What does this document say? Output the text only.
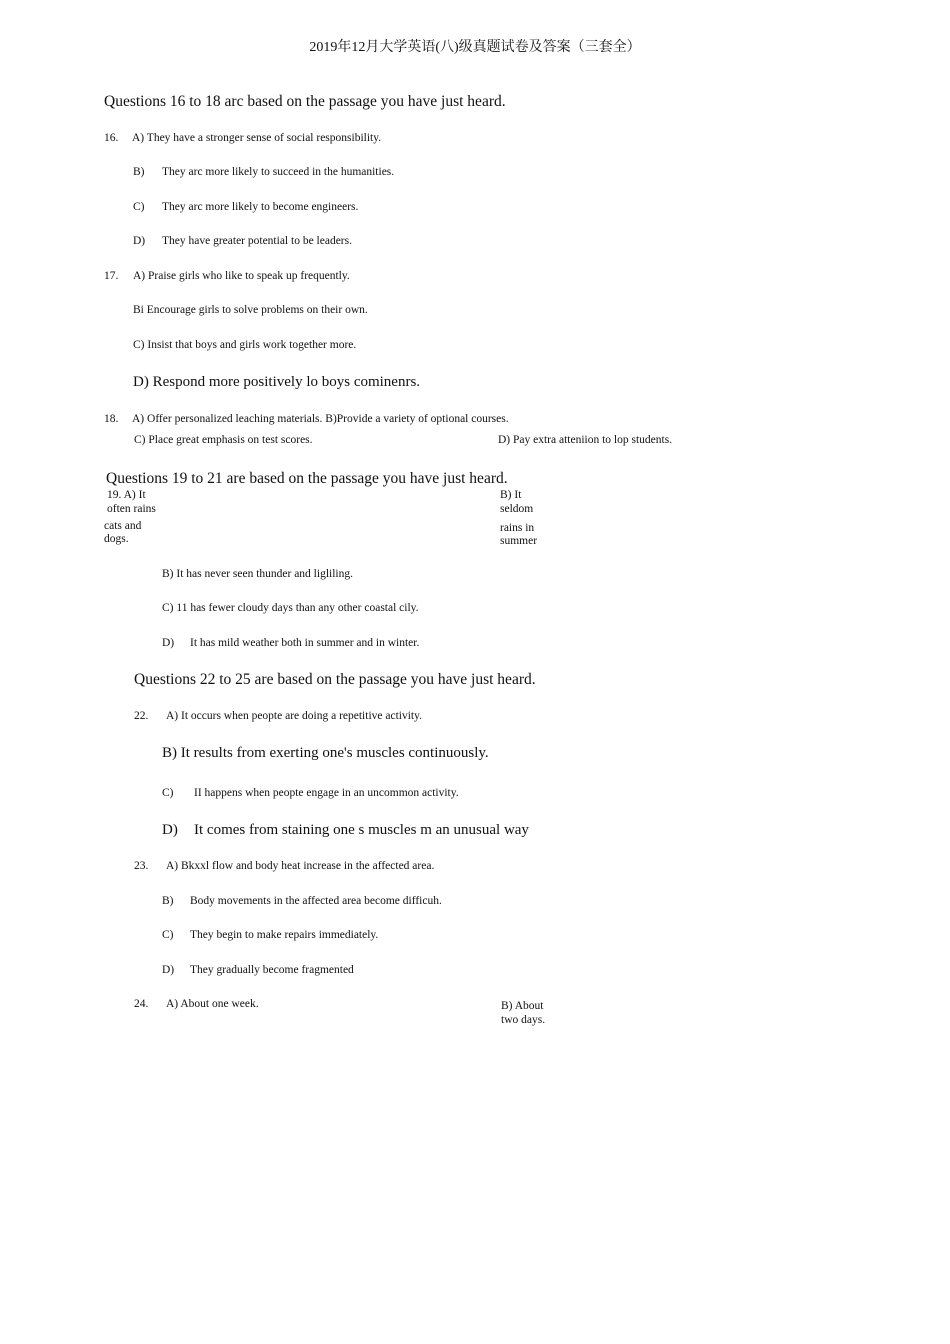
2019年12月大学英语(八)级真题试卷及答案（三套全）
Questions 16 to 18 arc based on the passage you have just heard.
16. A) They have a stronger sense of social responsibility.
B) They arc more likely to succeed in the humanities.
C) They arc more likely to become engineers.
D) They have greater potential to be leaders.
17. A) Praise girls who like to speak up frequently.
Bi Encourage girls to solve problems on their own.
C) Insist that boys and girls work together more.
D) Respond more positively lo boys cominenrs.
18. A) Offer personalized leaching materials. B)Provide a variety of optional courses.
C) Place great emphasis on test scores.	D) Pay extra atteniion to lop students.
Questions 19 to 21 are based on the passage you have just heard.
19. A) It
often rains
cats and
dogs.
B) It
seldom
rains in
summer
B) It has never seen thunder and ligliling.
C) 11 has fewer cloudy days than any other coastal cily.
D) It has mild weather both in summer and in winter.
Questions 22 to 25 are based on the passage you have just heard.
22. A) It occurs when peopte are doing a repetitive activity.
B) It results from exerting one's muscles continuously.
C) II happens when peopte engage in an uncommon activity.
D) It comes from staining one s muscles m an unusual way
23. A) Bkxxl flow and body heat increase in the affected area.
B) Body movements in the affected area become difficuh.
C) They begin to make repairs immediately.
D) They gradually become fragmented
24. A) About one week.	B) About
two days.
